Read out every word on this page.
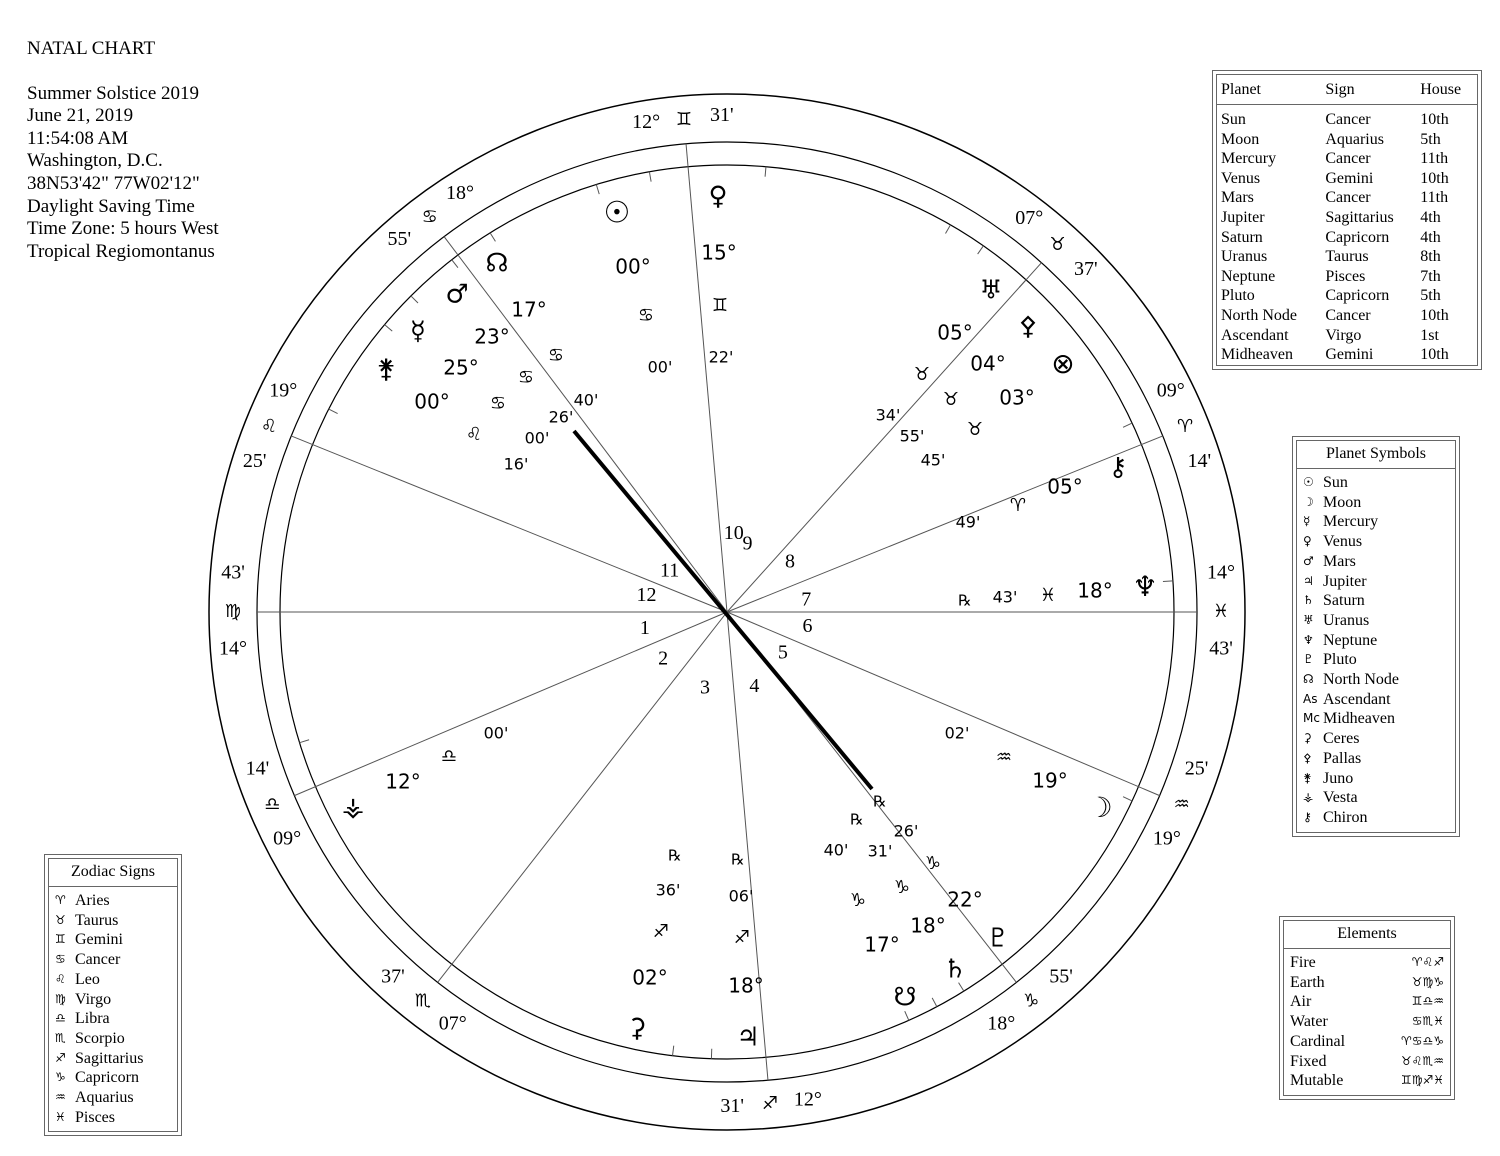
NATAL CHART
Summer Solstice 2019
June 21, 2019
11:54:08 AM
Washington, D.C.
38N53'42" 77W02'12"
Daylight Saving Time
Time Zone: 5 hours West
Tropical Regiomontanus
10
9
8
7
6
5
4
3
2
1
12
11
12° ♊ 31'
07°
♉
37'
09°
♈
14'
14°
♓
43'
25'
♒
19°
55'
♑
18°
12°
♐
31'
07°
♏
37'
09°
♎
14'
14°
♍
43'
25'
♌
19°
55'
♋
18°
☉
00°
♋
00'
♀
15°
♊
22'
☊
17°
♋
40'
♂
23°
♋
26'
☿
25°
♋
00'
⚵
00°
♌
16'
♅
05°
♉
34'
⚴
04°
♉
55'
⊗
03°
♉
45'	⚷
05°
♈
49'
♆
18°
♓
43'
℞
☽
19°
♒
02'
♇
22°
♑
26'
℞
♄
18°
♑
31'
℞
☋
17°
♑
40'
♃
18°
♐
06'
℞
⚳
02°
♐
36'
℞
⚶
12°
♎
00'
Planet	Sign	House
Sun	Cancer	10th
Moon	Aquarius	5th
Mercury	Cancer	11th
Venus	Gemini	10th
Mars	Cancer	11th
Jupiter	Sagittarius	4th
Saturn	Capricorn	4th
Uranus	Taurus	8th
Neptune	Pisces	7th
Pluto	Capricorn	5th
North Node	Cancer	10th
Ascendant	Virgo	1st
Midheaven	Gemini	10th
Planet Symbols
☉ Sun
☽ Moon
☿ Mercury
♀ Venus
♂ Mars
♃ Jupiter
♄ Saturn
♅ Uranus
♆ Neptune
♇ Pluto
☊ North Node
As Ascendant
Mc Midheaven
⚳ Ceres
⚴ Pallas
⚵ Juno
⚶ Vesta
⚷ Chiron
Zodiac Signs
♈ Aries
♉ Taurus
♊ Gemini
♋ Cancer
♌ Leo
♍ Virgo
♎ Libra
♏ Scorpio
♐ Sagittarius
♑ Capricorn
♒ Aquarius
♓ Pisces
Elements
Fire	♈♌♐
Earth	♉♍♑
Air	♊♎♒
Water	♋♏♓
Cardinal	♈♋♎♑
Fixed	♉♌♏♒
Mutable	♊♍♐♓
